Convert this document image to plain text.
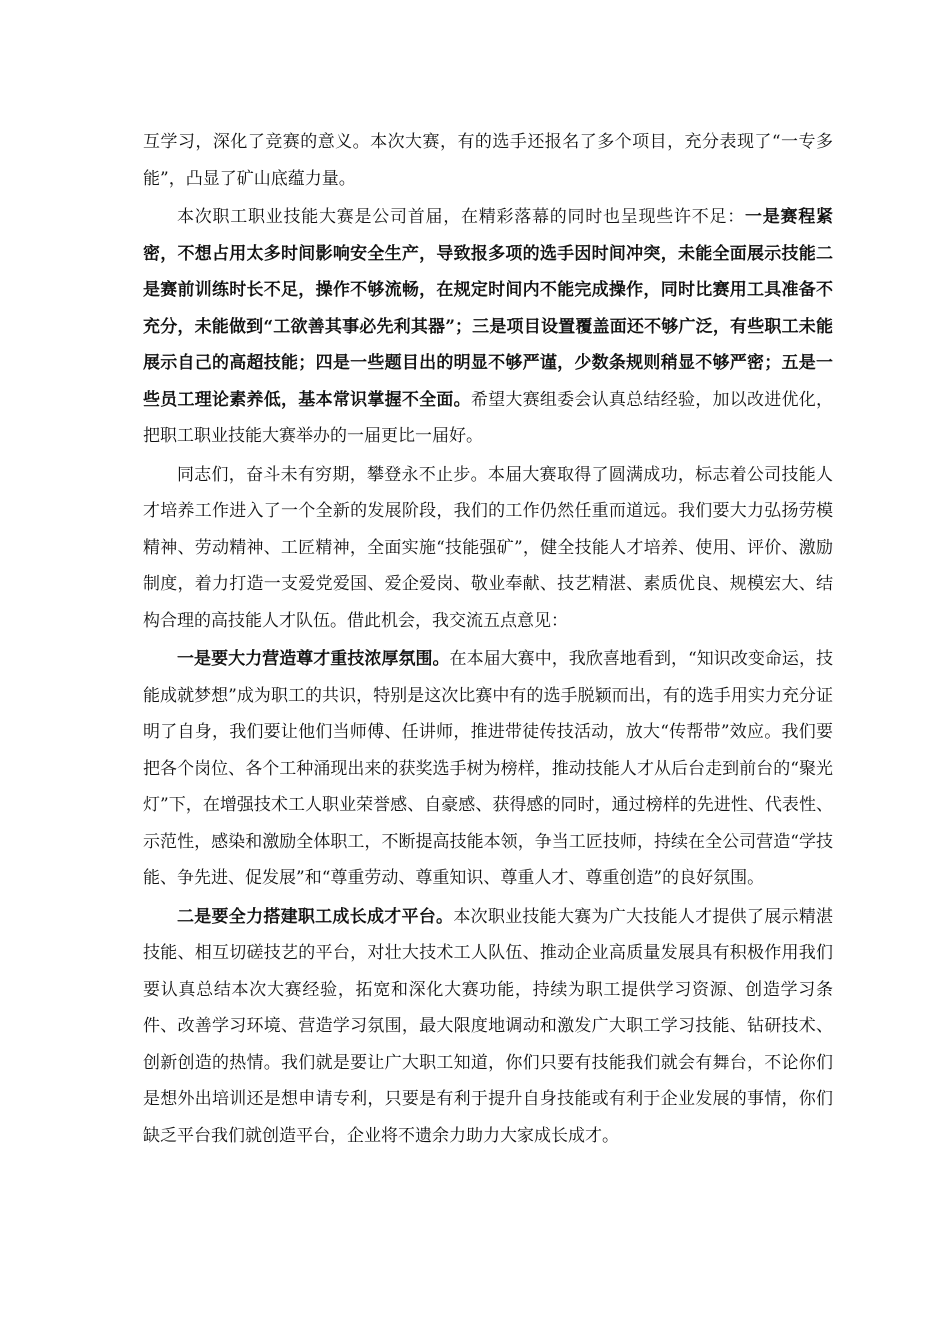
互学习，深化了竞赛的意义。本次大赛，有的选手还报名了多个项目，充分表现了“一专多能”，凸显了矿山底蕴力量。

本次职工职业技能大赛是公司首届，在精彩落幕的同时也呈现些许不足：一是赛程紧密，不想占用太多时间影响安全生产，导致报多项的选手因时间冲突，未能全面展示技能二是赛前训练时长不足，操作不够流畅，在规定时间内不能完成操作，同时比赛用工具准备不充分，未能做到“工欲善其事必先利其器”；三是项目设置覆盖面还不够广泛，有些职工未能展示自己的高超技能；四是一些题目出的明显不够严谨，少数条规则稍显不够严密；五是一些员工理论素养低，基本常识掌握不全面。希望大赛组委会认真总结经验，加以改进优化，把职工职业技能大赛举办的一届更比一届好。

同志们，奋斗未有穷期，攀登永不止步。本届大赛取得了圆满成功，标志着公司技能人才培养工作进入了一个全新的发展阶段，我们的工作仍然任重而道远。我们要大力弘扬劳模精神、劳动精神、工匠精神，全面实施“技能强矿”，健全技能人才培养、使用、评价、激励制度，着力打造一支爱党爱国、爱企爱岗、敬业奉献、技艺精湛、素质优良、规模宏大、结构合理的高技能人才队伍。借此机会，我交流五点意见：

一是要大力营造尊才重技浓厚氛围。在本届大赛中，我欣喜地看到，“知识改变命运，技能成就梦想”成为职工的共识，特别是这次比赛中有的选手脱颖而出，有的选手用实力充分证明了自身，我们要让他们当师傅、任讲师，推进带徒传技活动，放大“传帮带”效应。我们要把各个岗位、各个工种涌现出来的获奖选手树为榜样，推动技能人才从后台走到前台的“聚光灯”下，在增强技术工人职业荣誉感、自豪感、获得感的同时，通过榜样的先进性、代表性、示范性，感染和激励全体职工，不断提高技能本领，争当工匠技师，持续在全公司营造“学技能、争先进、促发展”和“尊重劳动、尊重知识、尊重人才、尊重创造”的良好氛围。

二是要全力搭建职工成长成才平台。本次职业技能大赛为广大技能人才提供了展示精湛技能、相互切磋技艺的平台，对壮大技术工人队伍、推动企业高质量发展具有积极作用我们要认真总结本次大赛经验，拓宽和深化大赛功能，持续为职工提供学习资源、创造学习条件、改善学习环境、营造学习氛围，最大限度地调动和激发广大职工学习技能、钻研技术、创新创造的热情。我们就是要让广大职工知道，你们只要有技能我们就会有舞台，不论你们是想外出培训还是想申请专利，只要是有利于提升自身技能或有利于企业发展的事情，你们缺乏平台我们就创造平台，企业将不遗余力助力大家成长成才。
